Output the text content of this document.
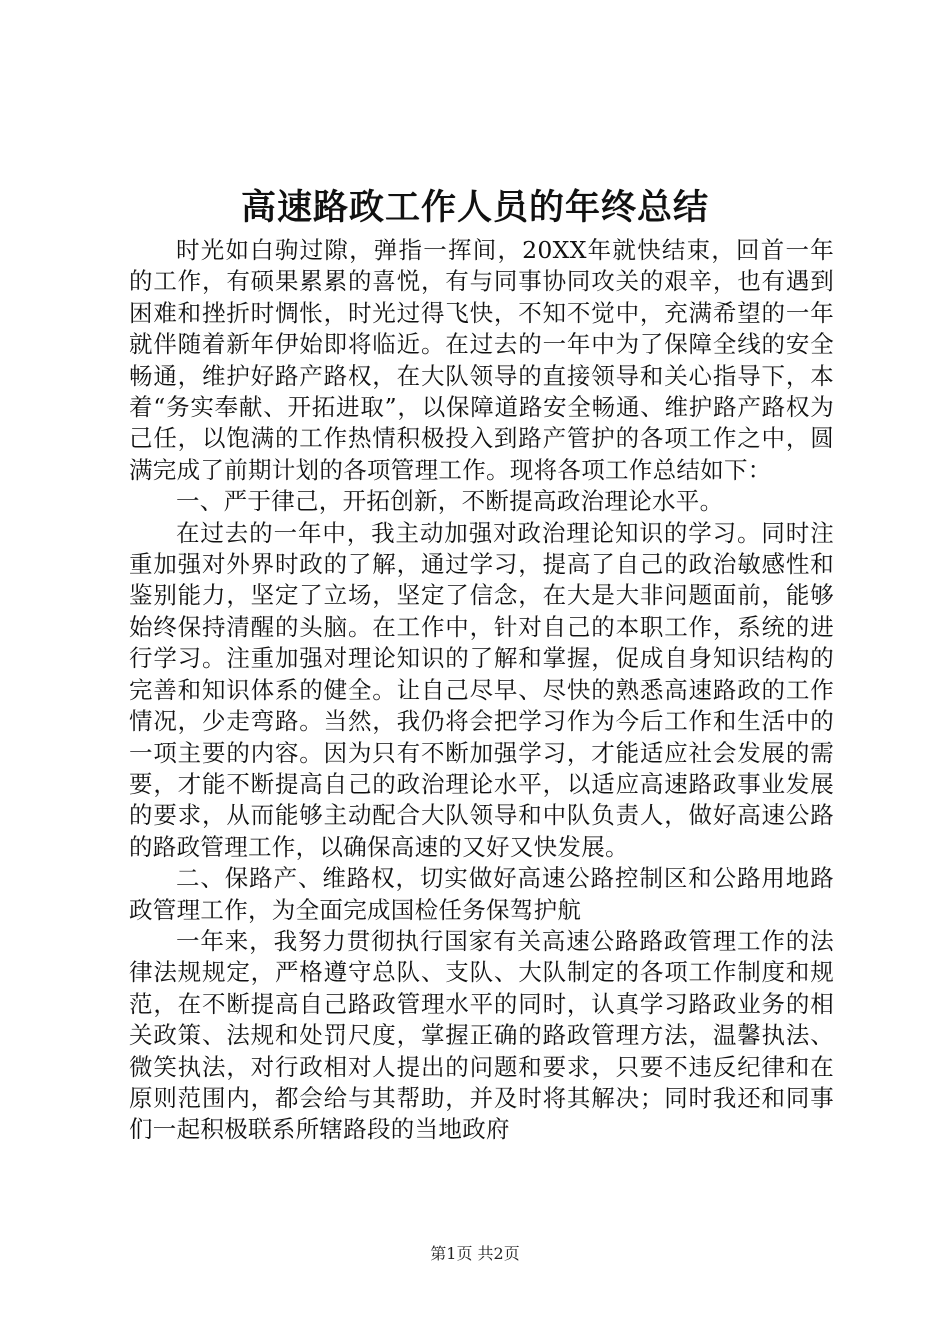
高速路政工作人员的年终总结

时光如白驹过隙，弹指一挥间，20XX年就快结束，回首一年的工作，有硕果累累的喜悦，有与同事协同攻关的艰辛，也有遇到困难和挫折时惆怅，时光过得飞快，不知不觉中，充满希望的一年就伴随着新年伊始即将临近。在过去的一年中为了保障全线的安全畅通，维护好路产路权，在大队领导的直接领导和关心指导下，本着“务实奉献、开拓进取”，以保障道路安全畅通、维护路产路权为己任，以饱满的工作热情积极投入到路产管护的各项工作之中，圆满完成了前期计划的各项管理工作。现将各项工作总结如下：

一、严于律己，开拓创新，不断提高政治理论水平。

在过去的一年中，我主动加强对政治理论知识的学习。同时注重加强对外界时政的了解，通过学习，提高了自己的政治敏感性和鉴别能力，坚定了立场，坚定了信念，在大是大非问题面前，能够始终保持清醒的头脑。在工作中，针对自己的本职工作，系统的进行学习。注重加强对理论知识的了解和掌握，促成自身知识结构的完善和知识体系的健全。让自己尽早、尽快的熟悉高速路政的工作情况，少走弯路。当然，我仍将会把学习作为今后工作和生活中的一项主要的内容。因为只有不断加强学习，才能适应社会发展的需要，才能不断提高自己的政治理论水平，以适应高速路政事业发展的要求，从而能够主动配合大队领导和中队负责人，做好高速公路的路政管理工作，以确保高速的又好又快发展。

二、保路产、维路权，切实做好高速公路控制区和公路用地路政管理工作，为全面完成国检任务保驾护航

一年来，我努力贯彻执行国家有关高速公路路政管理工作的法律法规规定，严格遵守总队、支队、大队制定的各项工作制度和规范，在不断提高自己路政管理水平的同时，认真学习路政业务的相关政策、法规和处罚尺度，掌握正确的路政管理方法，温馨执法、微笑执法，对行政相对人提出的问题和要求，只要不违反纪律和在原则范围内，都会给与其帮助，并及时将其解决；同时我还和同事们一起积极联系所辖路段的当地政府

第1页 共2页
